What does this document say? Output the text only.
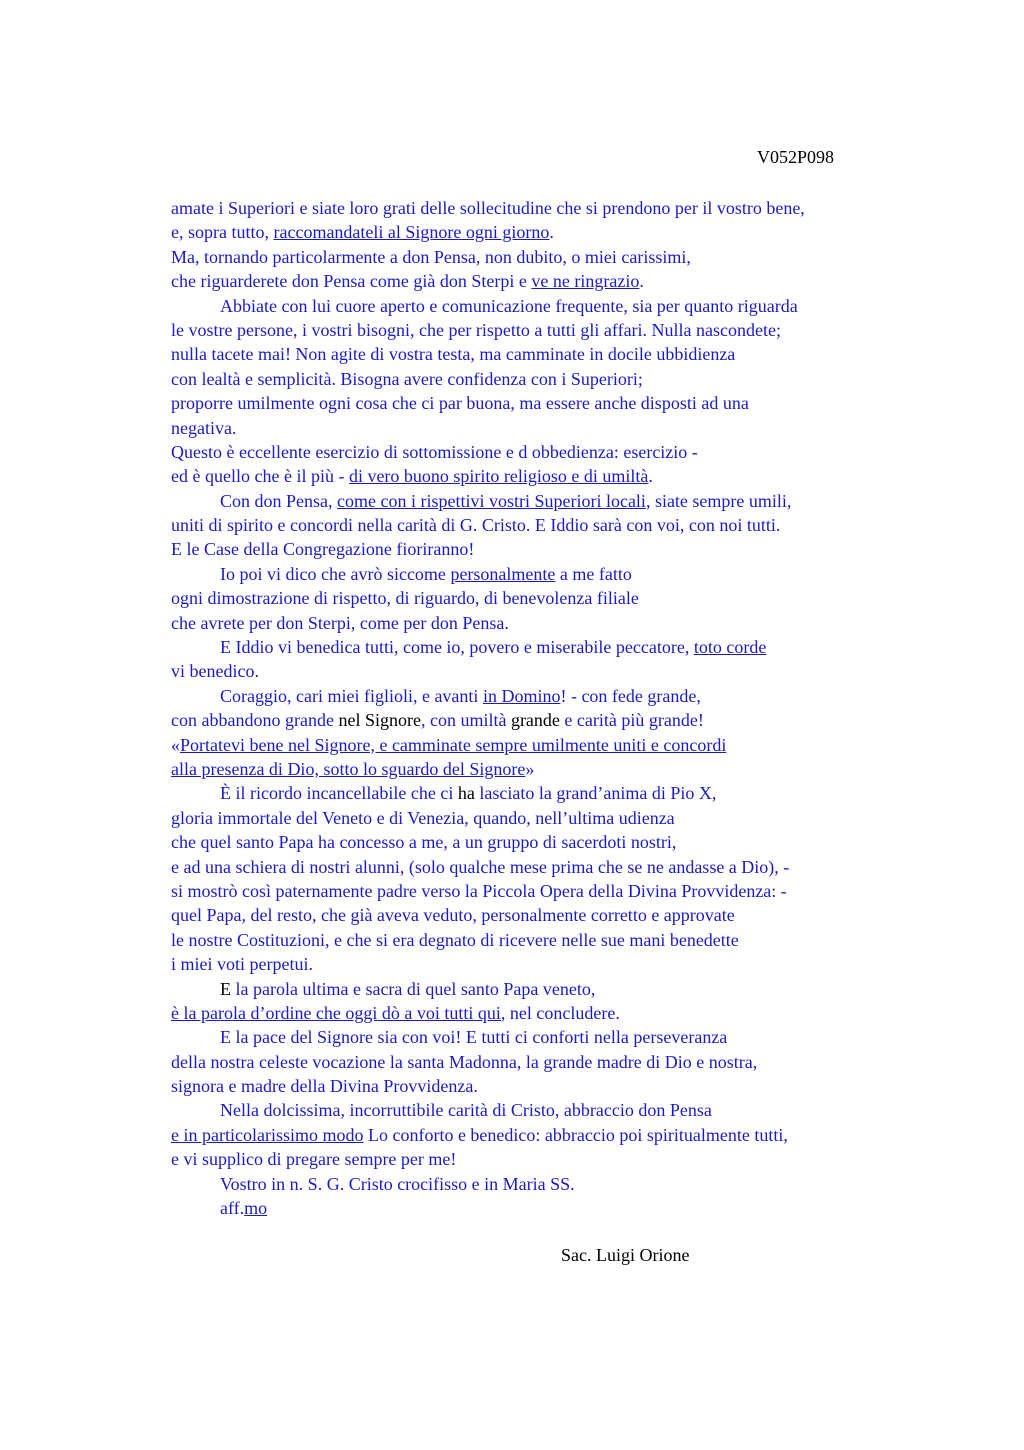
V052P098
amate i Superiori e siate loro grati delle sollecitudine che si prendono per il vostro bene,
e, sopra tutto, raccomandateli al Signore ogni giorno.
Ma, tornando particolarmente a don Pensa, non dubito, o miei carissimi,
che riguarderete don Pensa come già don Sterpi e ve ne ringrazio.
Abbiate con lui cuore aperto e comunicazione frequente, sia per quanto riguarda
le vostre persone, i vostri bisogni, che per rispetto a tutti gli affari. Nulla nascondete;
nulla tacete mai! Non agite di vostra testa, ma camminate in docile ubbidienza
con lealtà e semplicità. Bisogna avere confidenza con i Superiori;
proporre umilmente ogni cosa che ci par buona, ma essere anche disposti ad una
negativa.
Questo è eccellente esercizio di sottomissione e d obbedienza: esercizio -
ed è quello che è il più - di vero buono spirito religioso e di umiltà.
Con don Pensa, come con i rispettivi vostri Superiori locali, siate sempre umili,
uniti di spirito e concordi nella carità di G. Cristo. E Iddio sarà con voi, con noi tutti.
E le Case della Congregazione fioriranno!
Io poi vi dico che avrò siccome personalmente a me fatto
ogni dimostrazione di rispetto, di riguardo, di benevolenza filiale
che avrete per don Sterpi, come per don Pensa.
E Iddio vi benedica tutti, come io, povero e miserabile peccatore, toto corde
vi benedico.
Coraggio, cari miei figlioli, e avanti in Domino! - con fede grande,
con abbandono grande nel Signore, con umiltà grande e carità più grande!
«Portatevi bene nel Signore, e camminate sempre umilmente uniti e concordi
alla presenza di Dio, sotto lo sguardo del Signore»
È il ricordo incancellabile che ci ha lasciato la grand’anima di Pio X,
gloria immortale del Veneto e di Venezia, quando, nell’ultima udienza
che quel santo Papa ha concesso a me, a un gruppo di sacerdoti nostri,
e ad una schiera di nostri alunni, (solo qualche mese prima che se ne andasse a Dio), -
si mostrò così paternamente padre verso la Piccola Opera della Divina Provvidenza: -
quel Papa, del resto, che già aveva veduto, personalmente corretto e approvate
le nostre Costituzioni, e che si era degnato di ricevere nelle sue mani benedette
i miei voti perpetui.
E la parola ultima e sacra di quel santo Papa veneto,
è la parola d’ordine che oggi dò a voi tutti qui, nel concludere.
E la pace del Signore sia con voi! E tutti ci conforti nella perseveranza
della nostra celeste vocazione la santa Madonna, la grande madre di Dio e nostra,
signora e madre della Divina Provvidenza.
Nella dolcissima, incorruttibile carità di Cristo, abbraccio don Pensa
e in particolarissimo modo Lo conforto e benedico: abbraccio poi spiritualmente tutti,
e vi supplico di pregare sempre per me!
Vostro in n. S. G. Cristo crocifisso e in Maria SS.
aff.mo
Sac. Luigi Orione
